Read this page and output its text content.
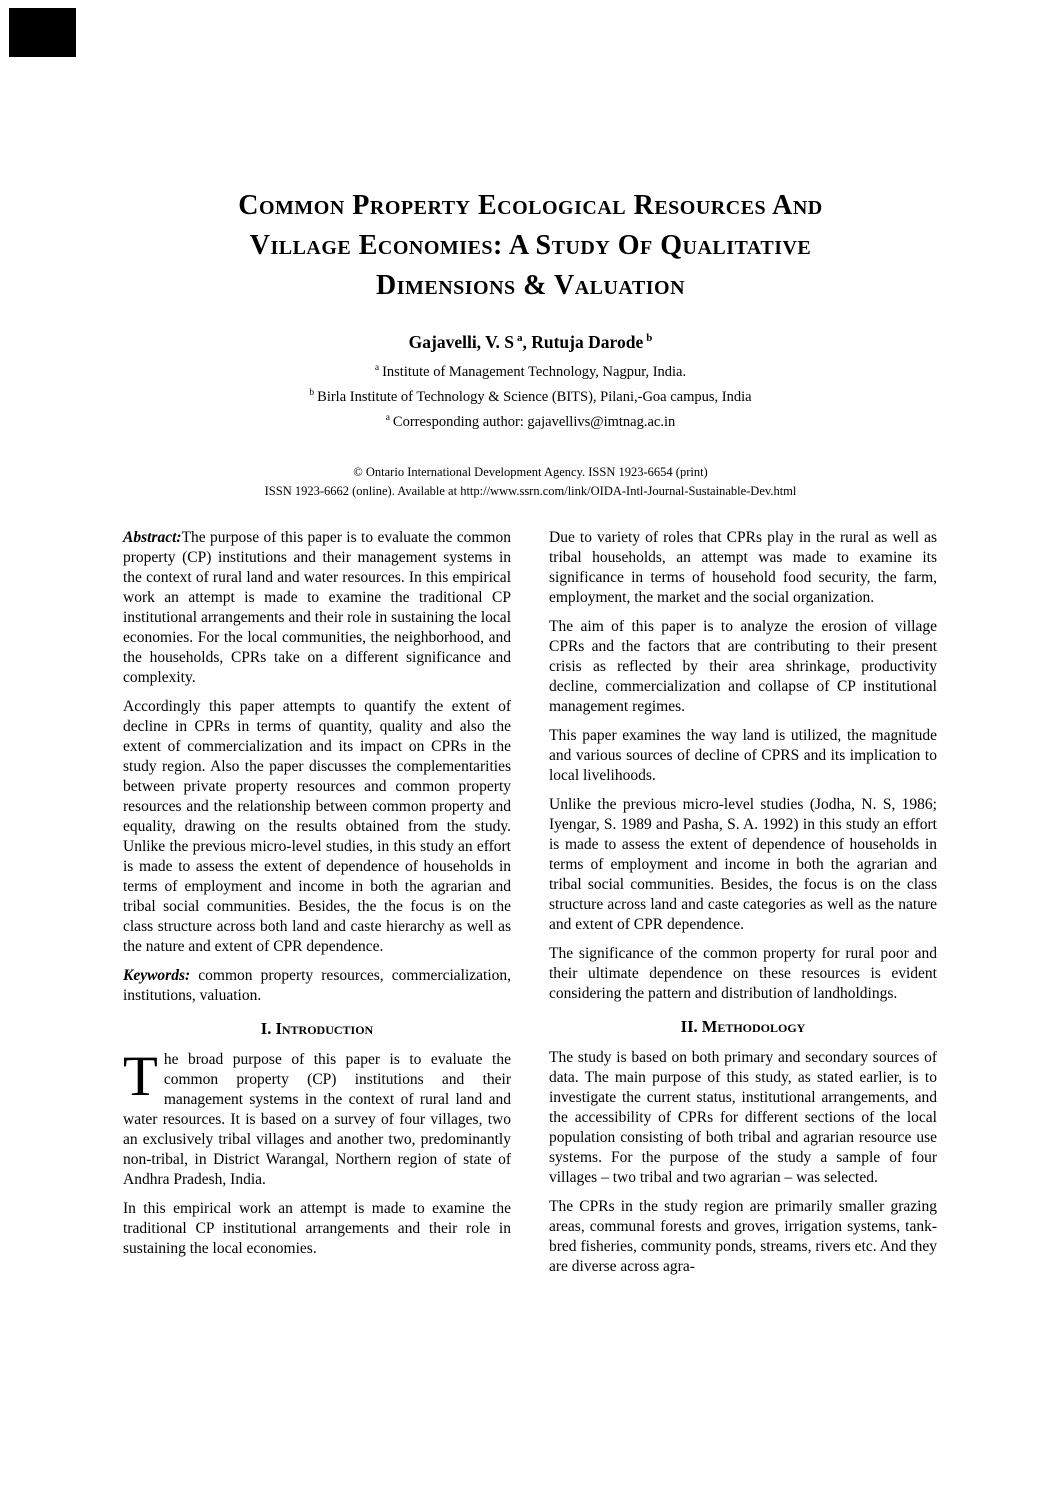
Common Property Ecological Resources And
Village Economies: A Study Of Qualitative
Dimensions & Valuation
Gajavelli, V. S $^a$, Rutuja Darode $^b$
$^a$ Institute of Management Technology, Nagpur, India.
$^b$ Birla Institute of Technology & Science (BITS), Pilani,-Goa campus, India
$^a$ Corresponding author: gajavellivs@imtnag.ac.in
© Ontario International Development Agency. ISSN 1923-6654 (print)
ISSN 1923-6662 (online). Available at http://www.ssrn.com/link/OIDA-Intl-Journal-Sustainable-Dev.html

Abstract:The purpose of this paper is to evaluate the common property (CP) institutions and their management systems in the context of rural land and water resources. In this empirical work an attempt is made to examine the traditional CP institutional arrangements and their role in sustaining the local economies. For the local communities, the neighborhood, and the households, CPRs take on a different significance and complexity.

Accordingly this paper attempts to quantify the extent of decline in CPRs in terms of quantity, quality and also the extent of commercialization and its impact on CPRs in the study region. Also the paper discusses the complementarities between private property resources and common property resources and the relationship between common property and equality, drawing on the results obtained from the study. Unlike the previous micro-level studies, in this study an effort is made to assess the extent of dependence of households in terms of employment and income in both the agrarian and tribal social communities. Besides, the the focus is on the class structure across both land and caste hierarchy as well as the nature and extent of CPR dependence.

Keywords: common property resources, commercialization, institutions, valuation.

I. Introduction

The broad purpose of this paper is to evaluate the common property (CP) institutions and their management systems in the context of rural land and water resources. It is based on a survey of four villages, two an exclusively tribal villages and another two, predominantly non-tribal, in District Warangal, Northern region of state of Andhra Pradesh, India.

In this empirical work an attempt is made to examine the traditional CP institutional arrangements and their role in sustaining the local economies.

Due to variety of roles that CPRs play in the rural as well as tribal households, an attempt was made to examine its significance in terms of household food security, the farm, employment, the market and the social organization.

The aim of this paper is to analyze the erosion of village CPRs and the factors that are contributing to their present crisis as reflected by their area shrinkage, productivity decline, commercialization and collapse of CP institutional management regimes.

This paper examines the way land is utilized, the magnitude and various sources of decline of CPRS and its implication to local livelihoods.

Unlike the previous micro-level studies (Jodha, N. S, 1986; Iyengar, S. 1989 and Pasha, S. A. 1992) in this study an effort is made to assess the extent of dependence of households in terms of employment and income in both the agrarian and tribal social communities. Besides, the focus is on the class structure across land and caste categories as well as the nature and extent of CPR dependence.

The significance of the common property for rural poor and their ultimate dependence on these resources is evident considering the pattern and distribution of landholdings.

II. Methodology

The study is based on both primary and secondary sources of data. The main purpose of this study, as stated earlier, is to investigate the current status, institutional arrangements, and the accessibility of CPRs for different sections of the local population consisting of both tribal and agrarian resource use systems. For the purpose of the study a sample of four villages – two tribal and two agrarian – was selected.

The CPRs in the study region are primarily smaller grazing areas, communal forests and groves, irrigation systems, tank-bred fisheries, community ponds, streams, rivers etc. And they are diverse across agra-
